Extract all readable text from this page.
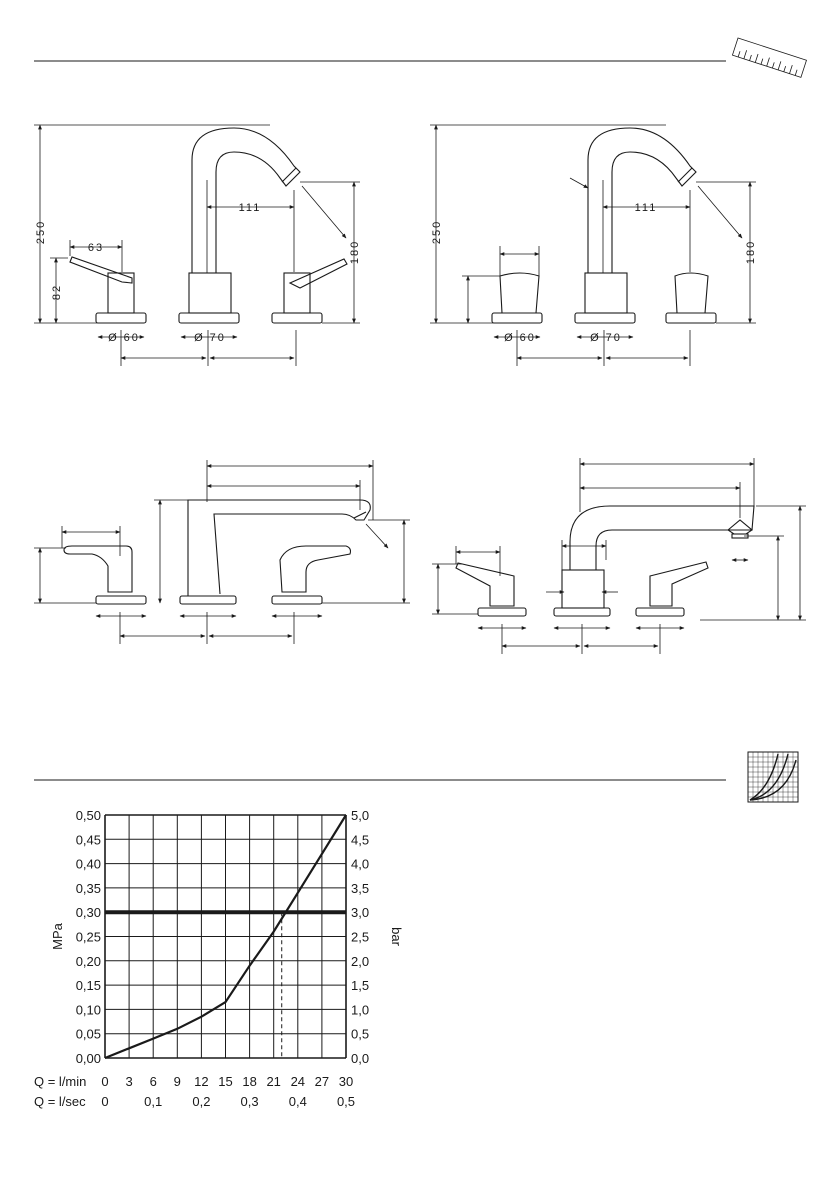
250
82
63
111
180
Ø 60	Ø 70
250
111
180
Ø 60	Ø 70
0,00
0,05
0,10
0,15
0,20
0,25
0,30
0,35
0,40
0,45
0,50
0,0
0,5
1,0
1,5
2,0
2,5
3,0
3,5
4,0
4,5
5,0
0 3 6 9 12 15 18 21 24 27 30
0	0,1 0,2 0,3 0,4 0,5
MPa	bar
Q = l/min
Q = l/sec
